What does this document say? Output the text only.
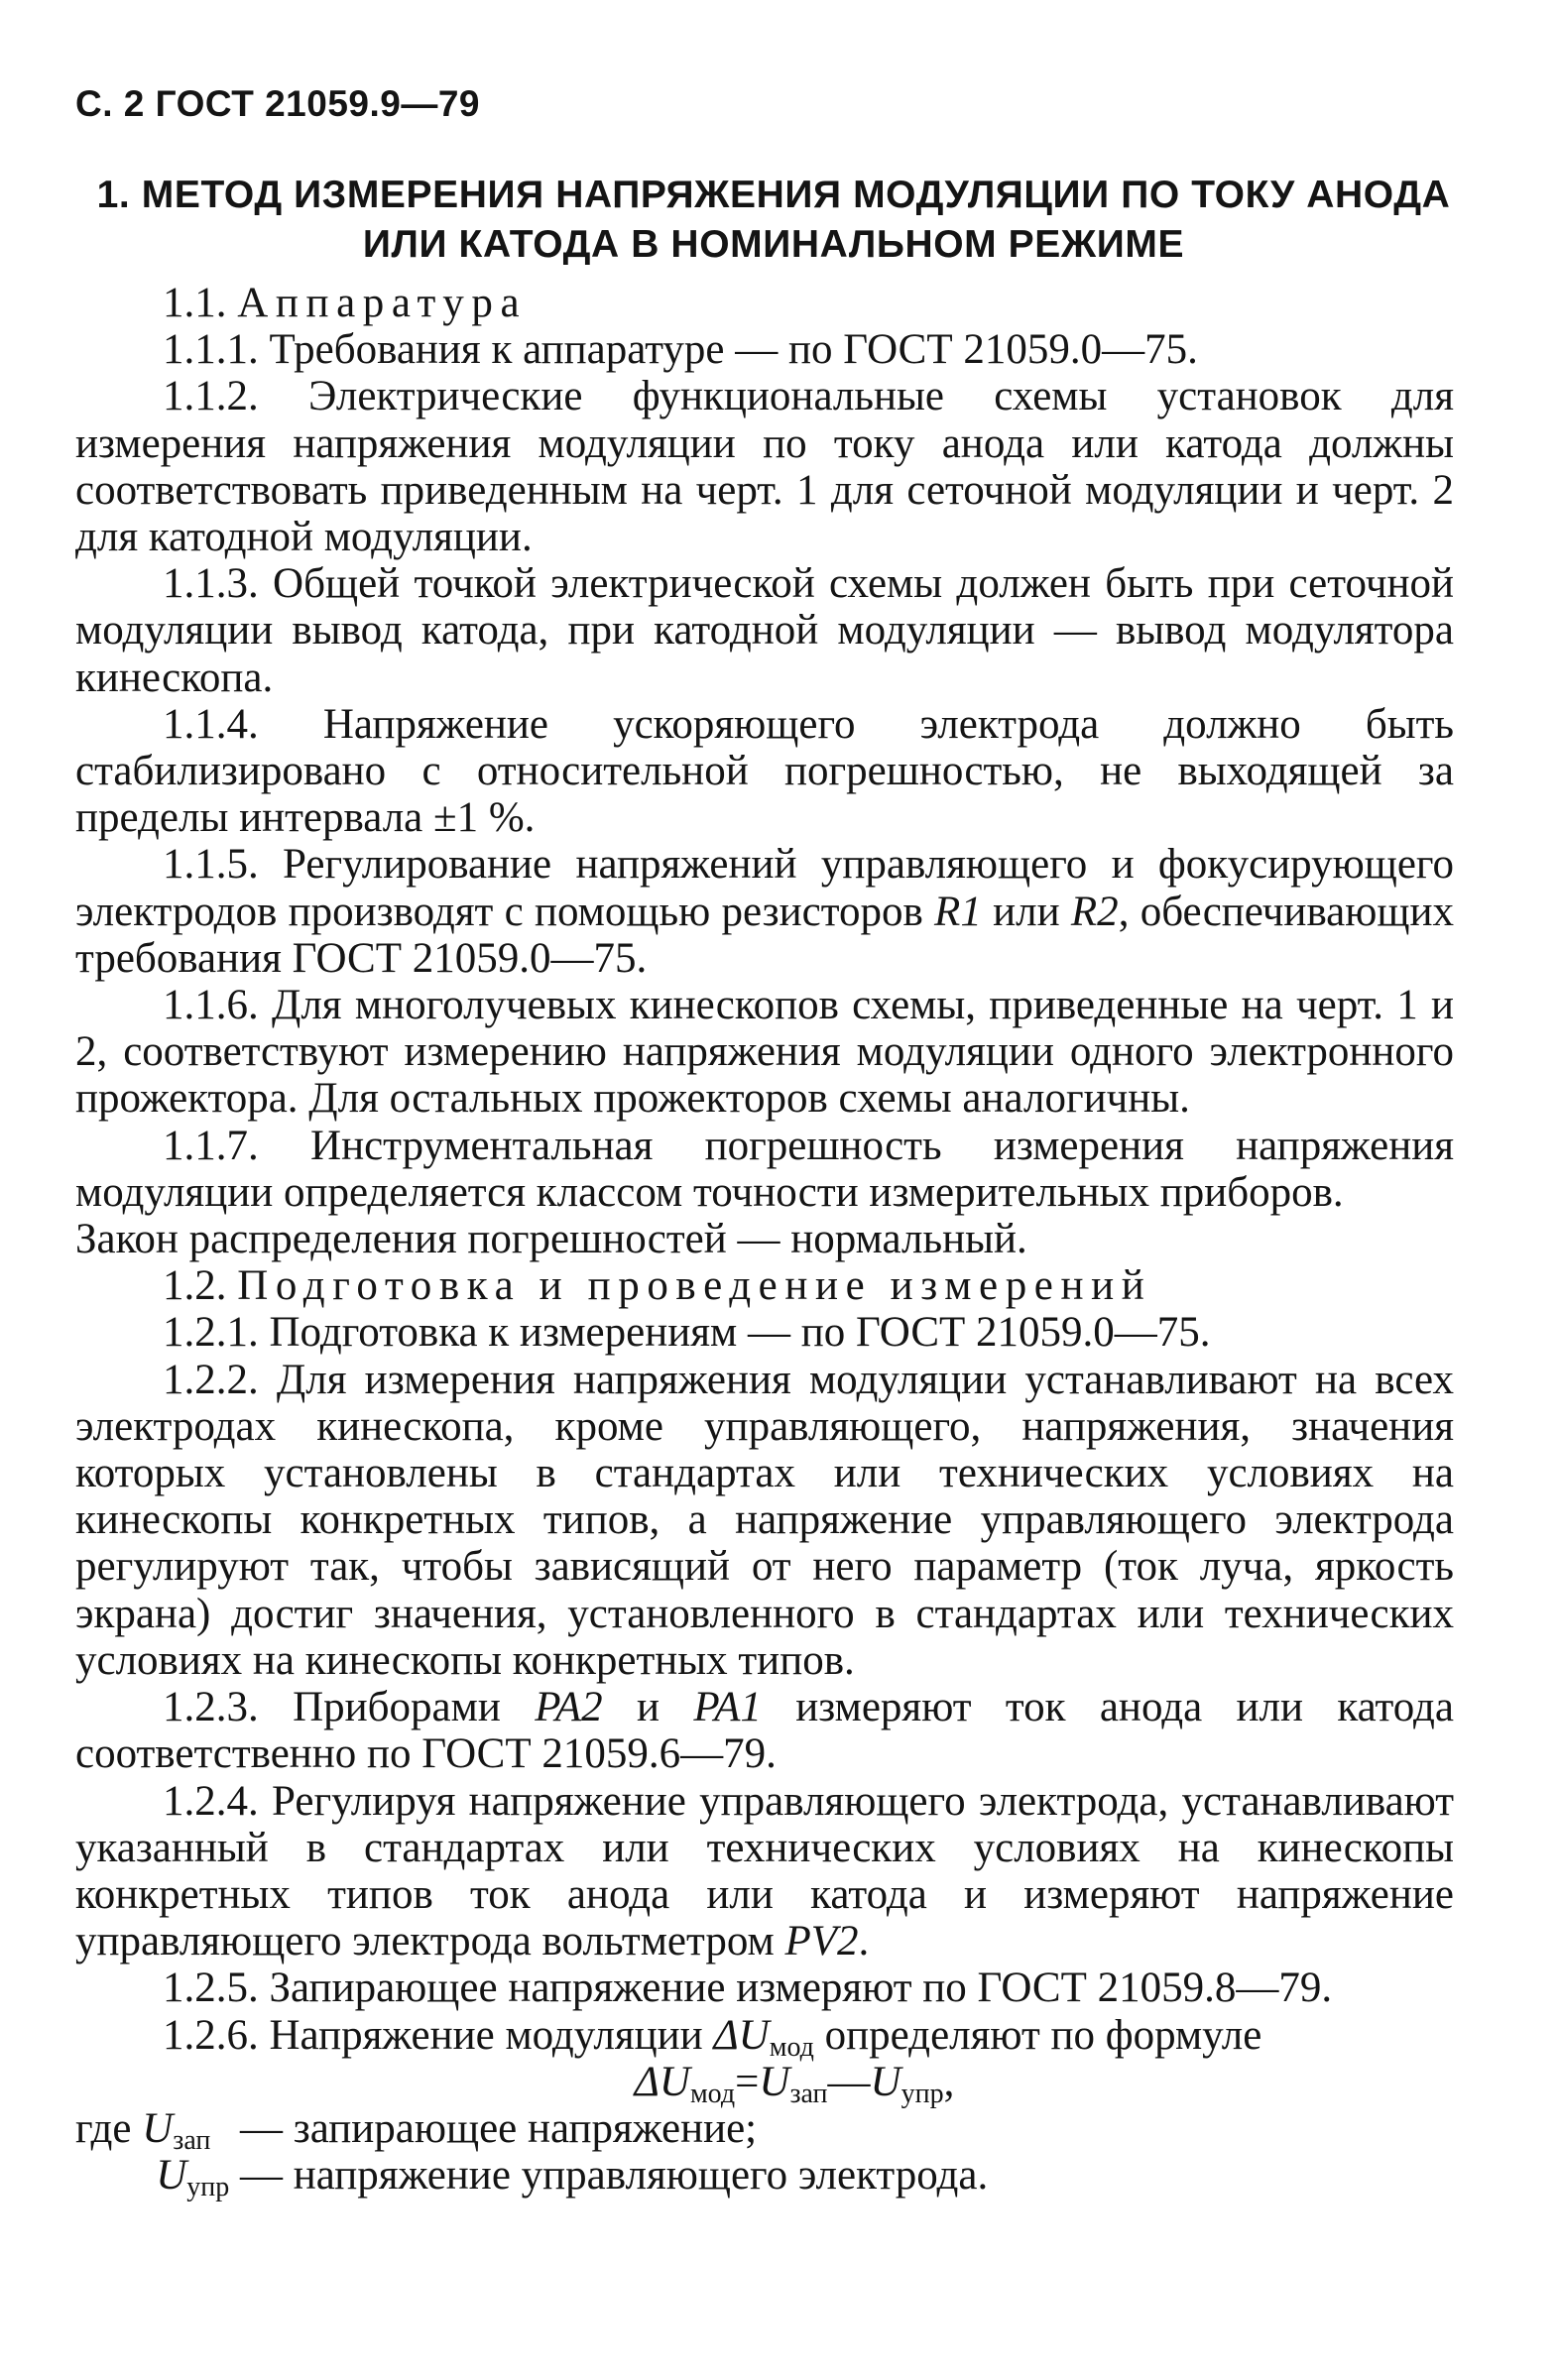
С. 2 ГОСТ 21059.9—79
1. МЕТОД ИЗМЕРЕНИЯ НАПРЯЖЕНИЯ МОДУЛЯЦИИ ПО ТОКУ АНОДА
ИЛИ КАТОДА В НОМИНАЛЬНОМ РЕЖИМЕ
1.1. Аппаратура
1.1.1. Требования к аппаратуре — по ГОСТ 21059.0—75.
1.1.2. Электрические функциональные схемы установок для измерения напряжения модуляции по току анода или катода должны соответствовать приведенным на черт. 1 для сеточной модуляции и черт. 2 для катодной модуляции.
1.1.3. Общей точкой электрической схемы должен быть при сеточной модуляции вывод катода, при катодной модуляции — вывод модулятора кинескопа.
1.1.4. Напряжение ускоряющего электрода должно быть стабилизировано с относительной погрешностью, не выходящей за пределы интервала ±1 %.
1.1.5. Регулирование напряжений управляющего и фокусирующего электродов производят с помощью резисторов R1 или R2, обеспечивающих требования ГОСТ 21059.0—75.
1.1.6. Для многолучевых кинескопов схемы, приведенные на черт. 1 и 2, соответствуют измерению напряжения модуляции одного электронного прожектора. Для остальных прожекторов схемы аналогичны.
1.1.7. Инструментальная погрешность измерения напряжения модуляции определяется классом точности измерительных приборов.
Закон распределения погрешностей — нормальный.
1.2. Подготовка и проведение измерений
1.2.1. Подготовка к измерениям — по ГОСТ 21059.0—75.
1.2.2. Для измерения напряжения модуляции устанавливают на всех электродах кинескопа, кроме управляющего, напряжения, значения которых установлены в стандартах или технических условиях на кинескопы конкретных типов, а напряжение управляющего электрода регулируют так, чтобы зависящий от него параметр (ток луча, яркость экрана) достиг значения, установленного в стандартах или технических условиях на кинескопы конкретных типов.
1.2.3. Приборами PA2 и PA1 измеряют ток анода или катода соответственно по ГОСТ 21059.6—79.
1.2.4. Регулируя напряжение управляющего электрода, устанавливают указанный в стандартах или технических условиях на кинескопы конкретных типов ток анода или катода и измеряют напряжение управляющего электрода вольтметром PV2.
1.2.5. Запирающее напряжение измеряют по ГОСТ 21059.8—79.
1.2.6. Напряжение модуляции $\Delta U_{мод}$ определяют по формуле
$\Delta U_{мод}=U_{зап}—U_{упр}$,
где $U_{зап}$ — запирающее напряжение;
$U_{упр}$ — напряжение управляющего электрода.
